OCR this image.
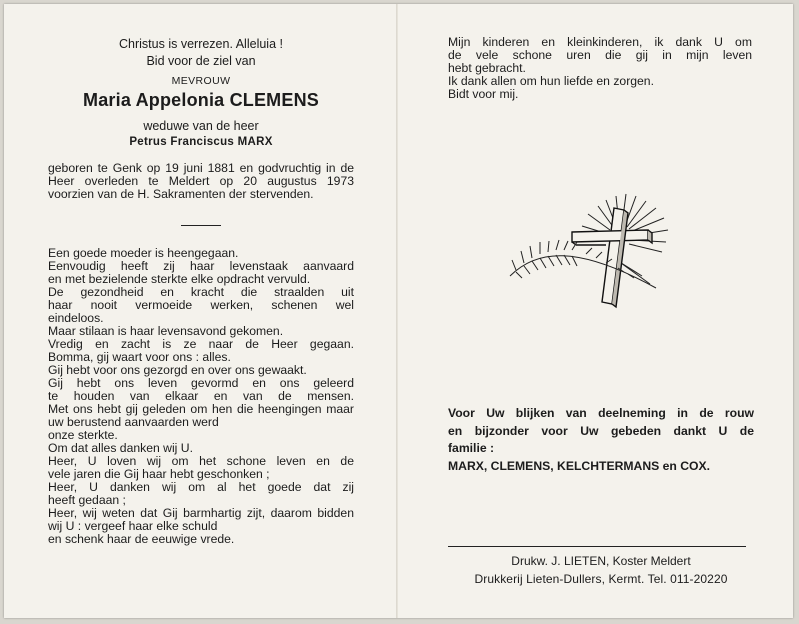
Christus is verrezen. Alleluia !
Bid voor de ziel van
MEVROUW
Maria Appelonia CLEMENS
weduwe van de heer
Petrus Franciscus MARX
geboren te Genk op 19 juni 1881 en godvruchtig in de Heer overleden te Meldert op 20 augustus 1973 voorzien van de H. Sakramenten der stervenden.
Een goede moeder is heengegaan.
Eenvoudig heeft zij haar levenstaak aanvaard
en met bezielende sterkte elke opdracht vervuld.
De gezondheid en kracht die straalden uit
haar nooit vermoeide werken, schenen wel
eindeloos.
Maar stilaan is haar levensavond gekomen.
Vredig en zacht is ze naar de Heer gegaan.
Bomma, gij waart voor ons : alles.
Gij hebt voor ons gezorgd en over ons gewaakt.
Gij hebt ons leven gevormd en ons geleerd
te houden van elkaar en van de mensen.
Met ons hebt gij geleden om hen die heengingen maar uw berustend aanvaarden werd
onze sterkte.
Om dat alles danken wij U.
Heer, U loven wij om het schone leven en de
vele jaren die Gij haar hebt geschonken ;
Heer, U danken wij om al het goede dat zij
heeft gedaan ;
Heer, wij weten dat Gij barmhartig zijt, daarom bidden wij U : vergeef haar elke schuld
en schenk haar de eeuwige vrede.
Mijn kinderen en kleinkinderen, ik dank U om
de vele schone uren die gij in mijn leven
hebt gebracht.
Ik dank allen om hun liefde en zorgen.
Bidt voor mij.
Voor Uw blijken van deelneming in de rouw
en bijzonder voor Uw gebeden dankt U de
familie :
MARX, CLEMENS, KELCHTERMANS en COX.
Drukw. J. LIETEN, Koster Meldert
Drukkerij Lieten-Dullers, Kermt. Tel. 011-20220
